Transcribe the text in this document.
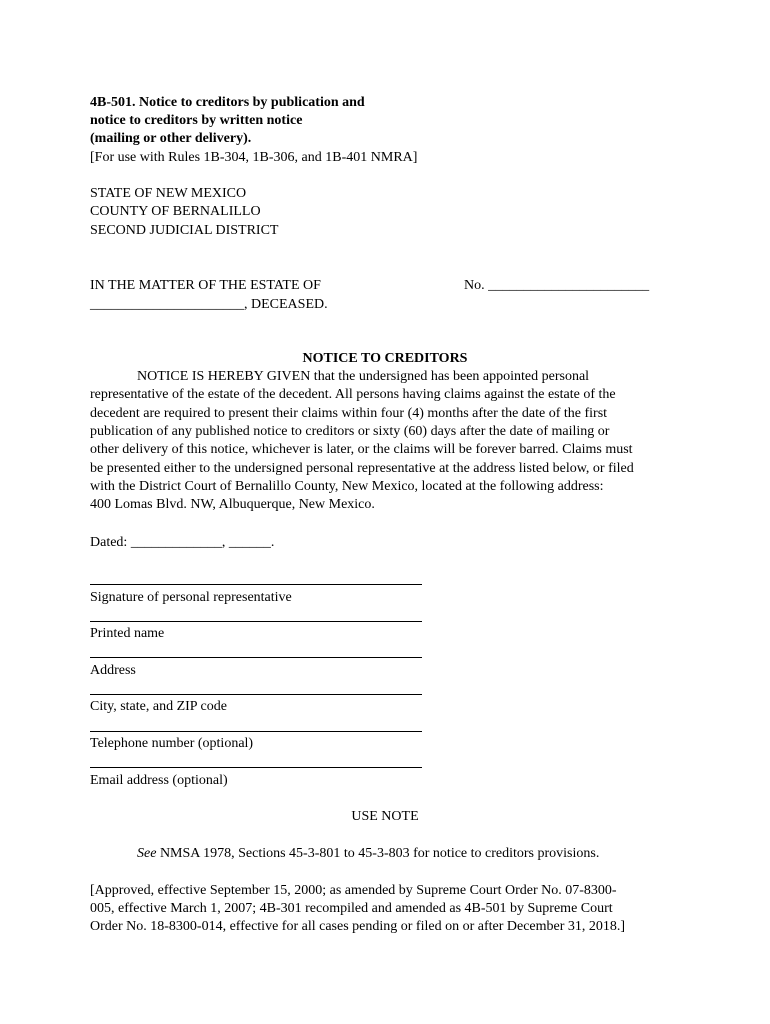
4B-501. Notice to creditors by publication and
notice to creditors by written notice
(mailing or other delivery).
[For use with Rules 1B-304, 1B-306, and 1B-401 NMRA]
STATE OF NEW MEXICO
COUNTY OF BERNALILLO
SECOND JUDICIAL DISTRICT
IN THE MATTER OF THE ESTATE OF
______________________, DECEASED.
No. _______________________
NOTICE TO CREDITORS
NOTICE IS HEREBY GIVEN that the undersigned has been appointed personal
representative of the estate of the decedent. All persons having claims against the estate of the
decedent are required to present their claims within four (4) months after the date of the first
publication of any published notice to creditors or sixty (60) days after the date of mailing or
other delivery of this notice, whichever is later, or the claims will be forever barred. Claims must
be presented either to the undersigned personal representative at the address listed below, or filed
with the District Court of Bernalillo County, New Mexico, located at the following address:
400 Lomas Blvd. NW, Albuquerque, New Mexico.
Dated: _____________, ______.
Signature of personal representative
Printed name
Address
City, state, and ZIP code
Telephone number (optional)
Email address (optional)
USE NOTE
See NMSA 1978, Sections 45-3-801 to 45-3-803 for notice to creditors provisions.
[Approved, effective September 15, 2000; as amended by Supreme Court Order No. 07-8300-
005, effective March 1, 2007; 4B-301 recompiled and amended as 4B-501 by Supreme Court
Order No. 18-8300-014, effective for all cases pending or filed on or after December 31, 2018.]
